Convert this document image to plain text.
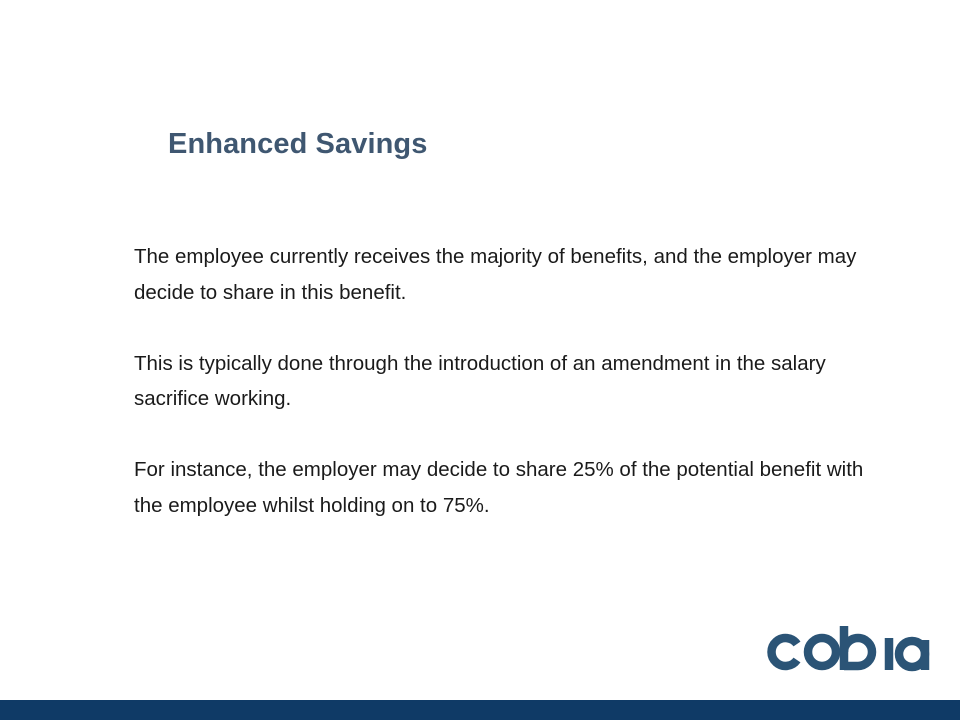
Enhanced Savings

The employee currently receives the majority of benefits, and the employer may decide to share in this benefit.

This is typically done through the introduction of an amendment in the salary sacrifice working.

For instance, the employer may decide to share 25% of the potential benefit with the employee whilst holding on to 75%.
